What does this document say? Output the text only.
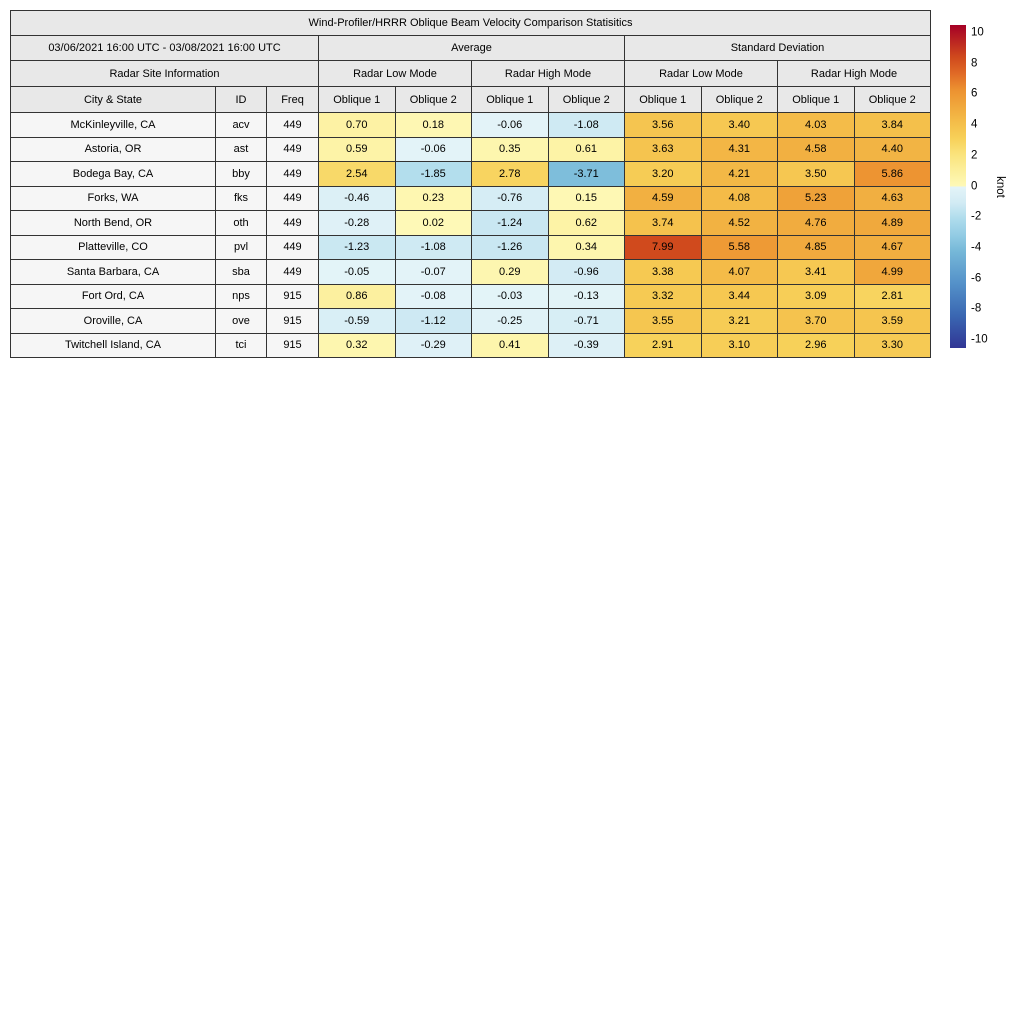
Wind-Profiler/HRRR Oblique Beam Velocity Comparison Statisitics										
03/06/2021 16:00 UTC - 03/08/2021 16:00 UTC			Average				Standard Deviation			
Radar Site Information			Radar Low Mode		Radar High Mode		Radar Low Mode		Radar High Mode	
City & State	ID	Freq	Oblique 1	Oblique 2	Oblique 1	Oblique 2	Oblique 1	Oblique 2	Oblique 1	Oblique 2
McKinleyville, CA	acv	449	0.70	0.18	-0.06	-1.08	3.56	3.40	4.03	3.84
Astoria, OR	ast	449	0.59	-0.06	0.35	0.61	3.63	4.31	4.58	4.40
Bodega Bay, CA	bby	449	2.54	-1.85	2.78	-3.71	3.20	4.21	3.50	5.86
Forks, WA	fks	449	-0.46	0.23	-0.76	0.15	4.59	4.08	5.23	4.63
North Bend, OR	oth	449	-0.28	0.02	-1.24	0.62	3.74	4.52	4.76	4.89
Platteville, CO	pvl	449	-1.23	-1.08	-1.26	0.34	7.99	5.58	4.85	4.67
Santa Barbara, CA	sba	449	-0.05	-0.07	0.29	-0.96	3.38	4.07	3.41	4.99
Fort Ord, CA	nps	915	0.86	-0.08	-0.03	-0.13	3.32	3.44	3.09	2.81
Oroville, CA	ove	915	-0.59	-1.12	-0.25	-0.71	3.55	3.21	3.70	3.59
Twitchell Island, CA	tci	915	0.32	-0.29	0.41	-0.39	2.91	3.10	2.96	3.30
10
8
6
4
2
0
-2
-4
-6
-8
-10
knot
